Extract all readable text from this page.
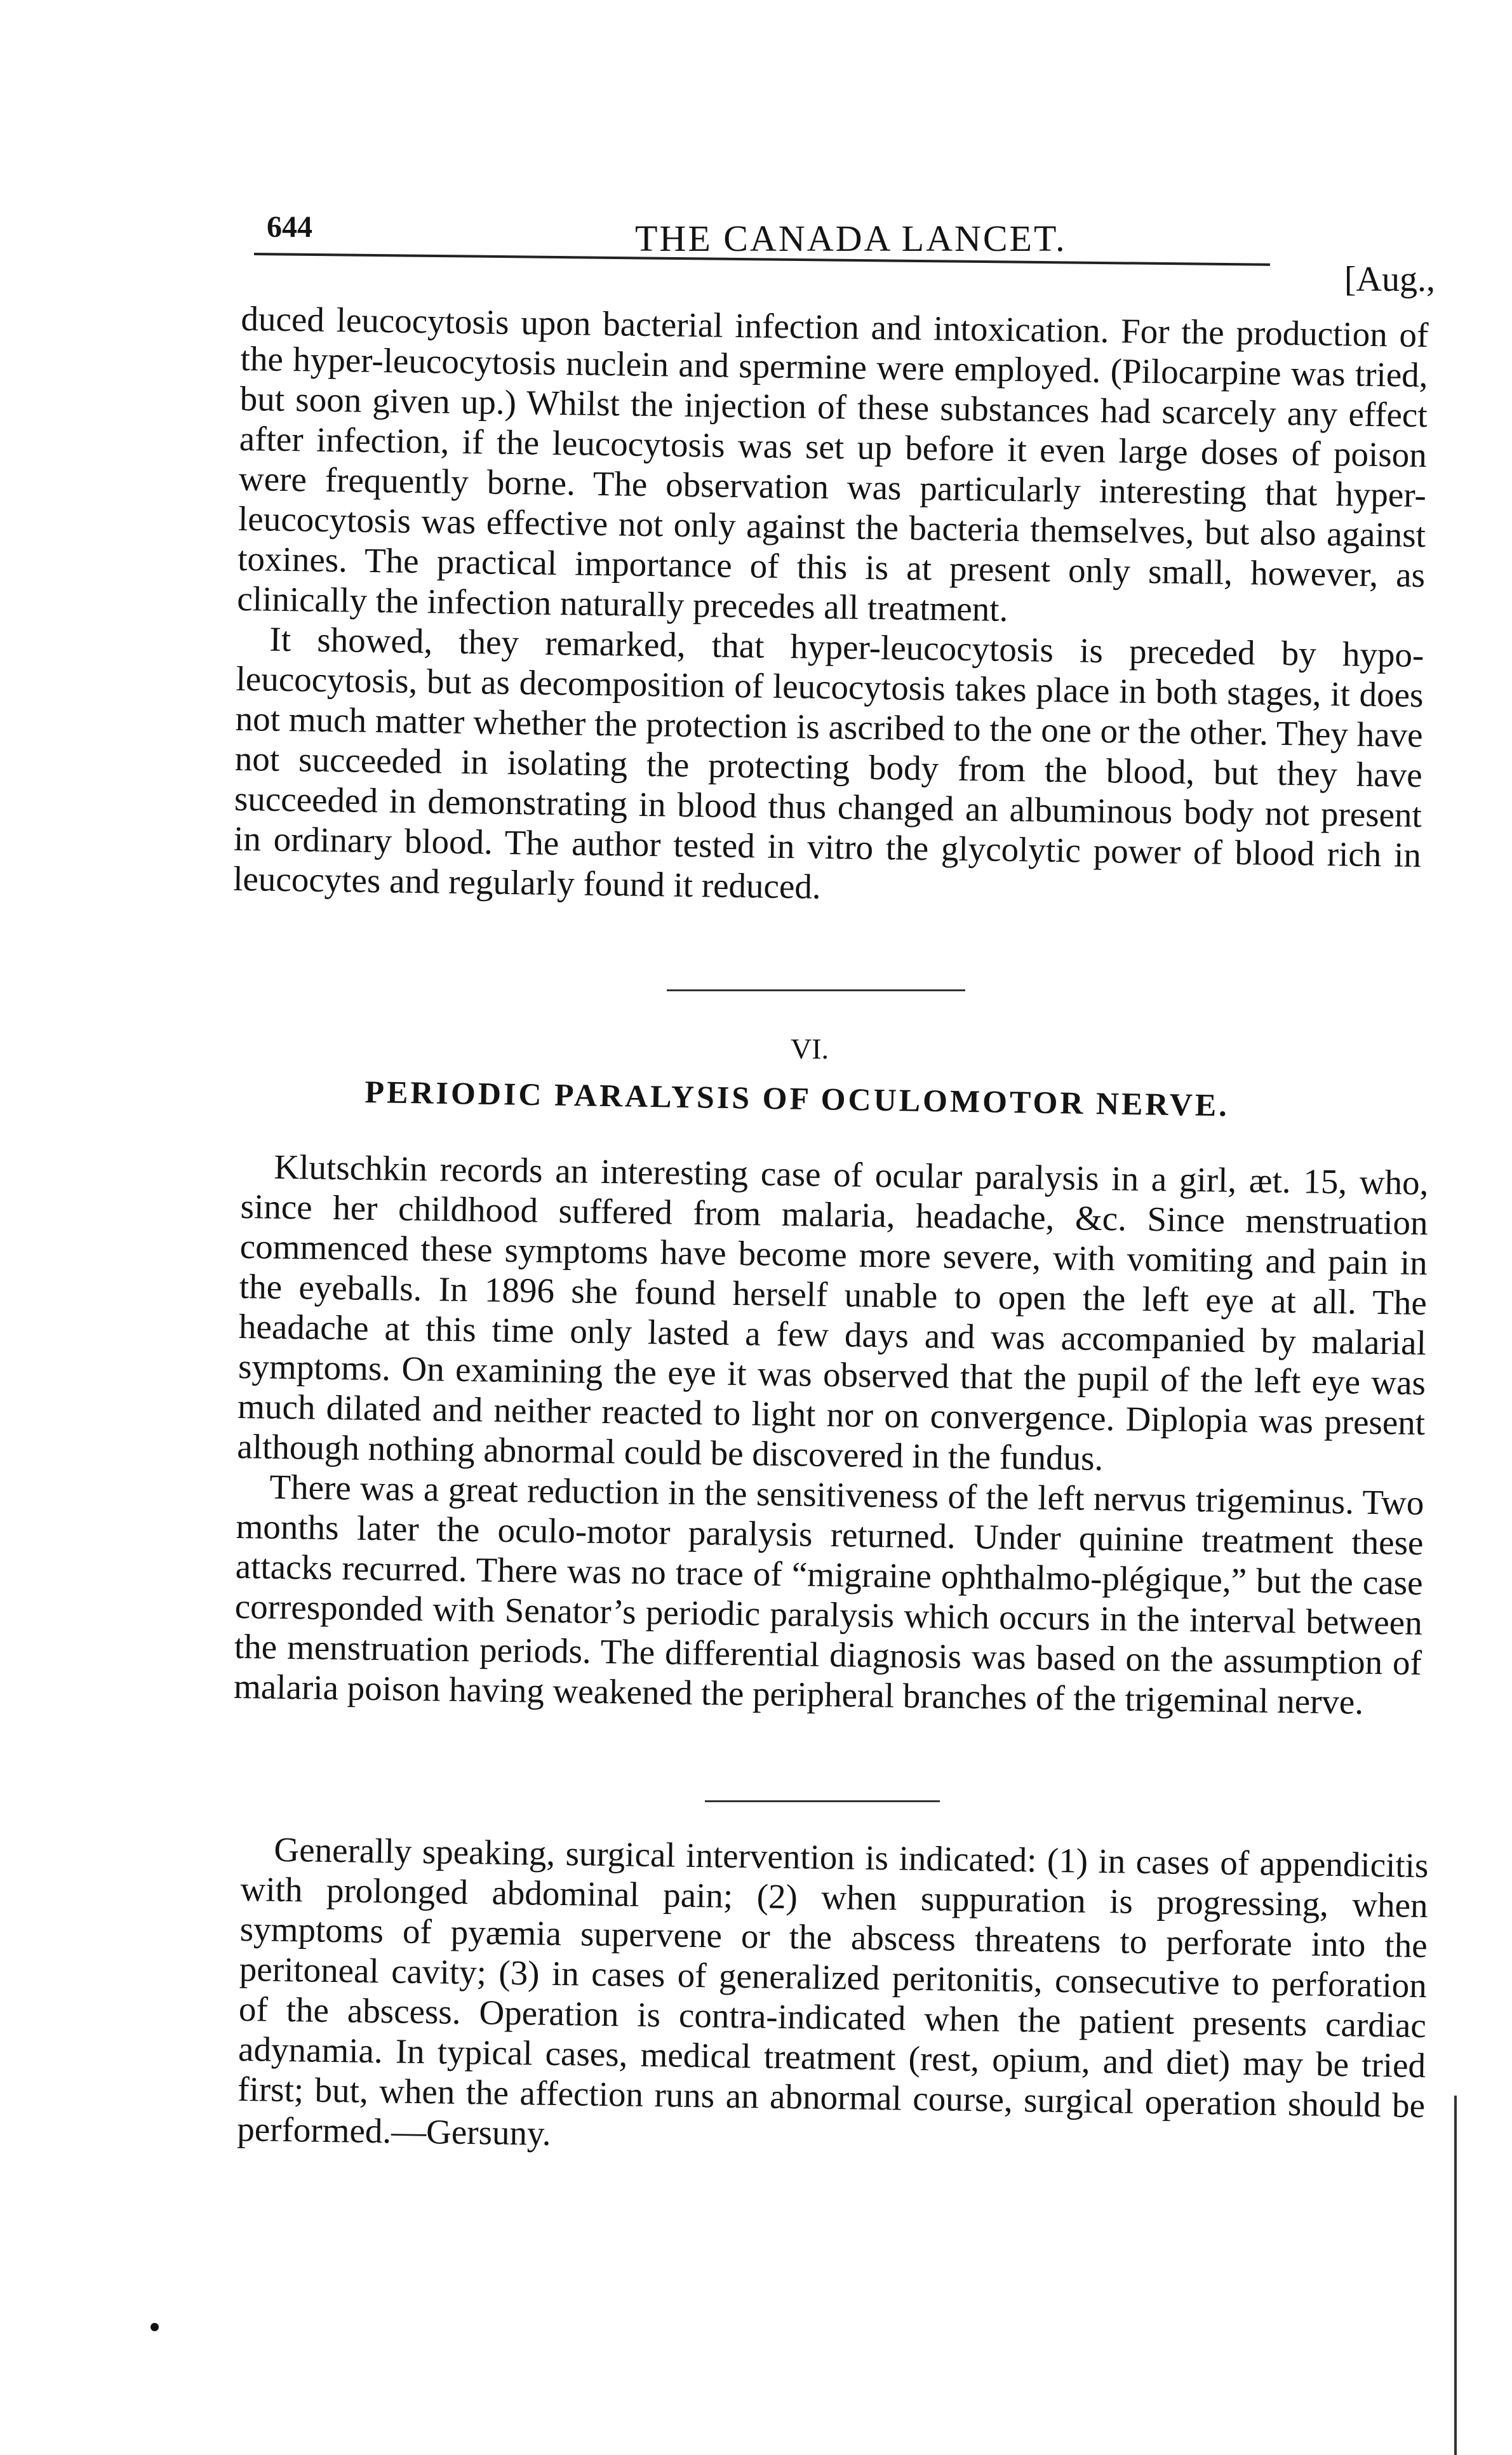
644	THE CANADA LANCET.
[Aug.,

duced leucocytosis upon bacterial infection and intoxication. For the production of the hyper-leucocytosis nuclein and spermine were employed. (Pilocarpine was tried, but soon given up.) Whilst the injection of these substances had scarcely any effect after infection, if the leucocytosis was set up before it even large doses of poison were frequently borne. The observation was particularly interesting that hyper-leucocytosis was effective not only against the bacteria themselves, but also against toxines. The practical importance of this is at present only small, however, as clinically the infection naturally precedes all treatment.

It showed, they remarked, that hyper-leucocytosis is preceded by hypo-leucocytosis, but as decomposition of leucocytosis takes place in both stages, it does not much matter whether the protection is ascribed to the one or the other. They have not succeeded in isolating the protecting body from the blood, but they have succeeded in demonstrating in blood thus changed an albuminous body not present in ordinary blood. The author tested in vitro the glycolytic power of blood rich in leucocytes and regularly found it reduced.

VI.
PERIODIC PARALYSIS OF OCULOMOTOR NERVE.

Klutschkin records an interesting case of ocular paralysis in a girl, æt. 15, who, since her childhood suffered from malaria, headache, &c. Since menstruation commenced these symptoms have become more severe, with vomiting and pain in the eyeballs. In 1896 she found herself unable to open the left eye at all. The headache at this time only lasted a few days and was accompanied by malarial symptoms. On examining the eye it was observed that the pupil of the left eye was much dilated and neither reacted to light nor on convergence. Diplopia was present although nothing abnormal could be discovered in the fundus.

There was a great reduction in the sensitiveness of the left nervus trigeminus. Two months later the oculo-motor paralysis returned. Under quinine treatment these attacks recurred. There was no trace of “migraine ophthalmo-plégique,” but the case corresponded with Senator’s periodic paralysis which occurs in the interval between the menstruation periods. The differential diagnosis was based on the assumption of malaria poison having weakened the peripheral branches of the trigeminal nerve.

Generally speaking, surgical intervention is indicated: (1) in cases of appendicitis with prolonged abdominal pain; (2) when suppuration is progressing, when symptoms of pyæmia supervene or the abscess threatens to perforate into the peritoneal cavity; (3) in cases of generalized peritonitis, consecutive to perforation of the abscess. Operation is contra-indicated when the patient presents cardiac adynamia. In typical cases, medical treatment (rest, opium, and diet) may be tried first; but, when the affection runs an abnormal course, surgical operation should be performed.—Gersuny.
